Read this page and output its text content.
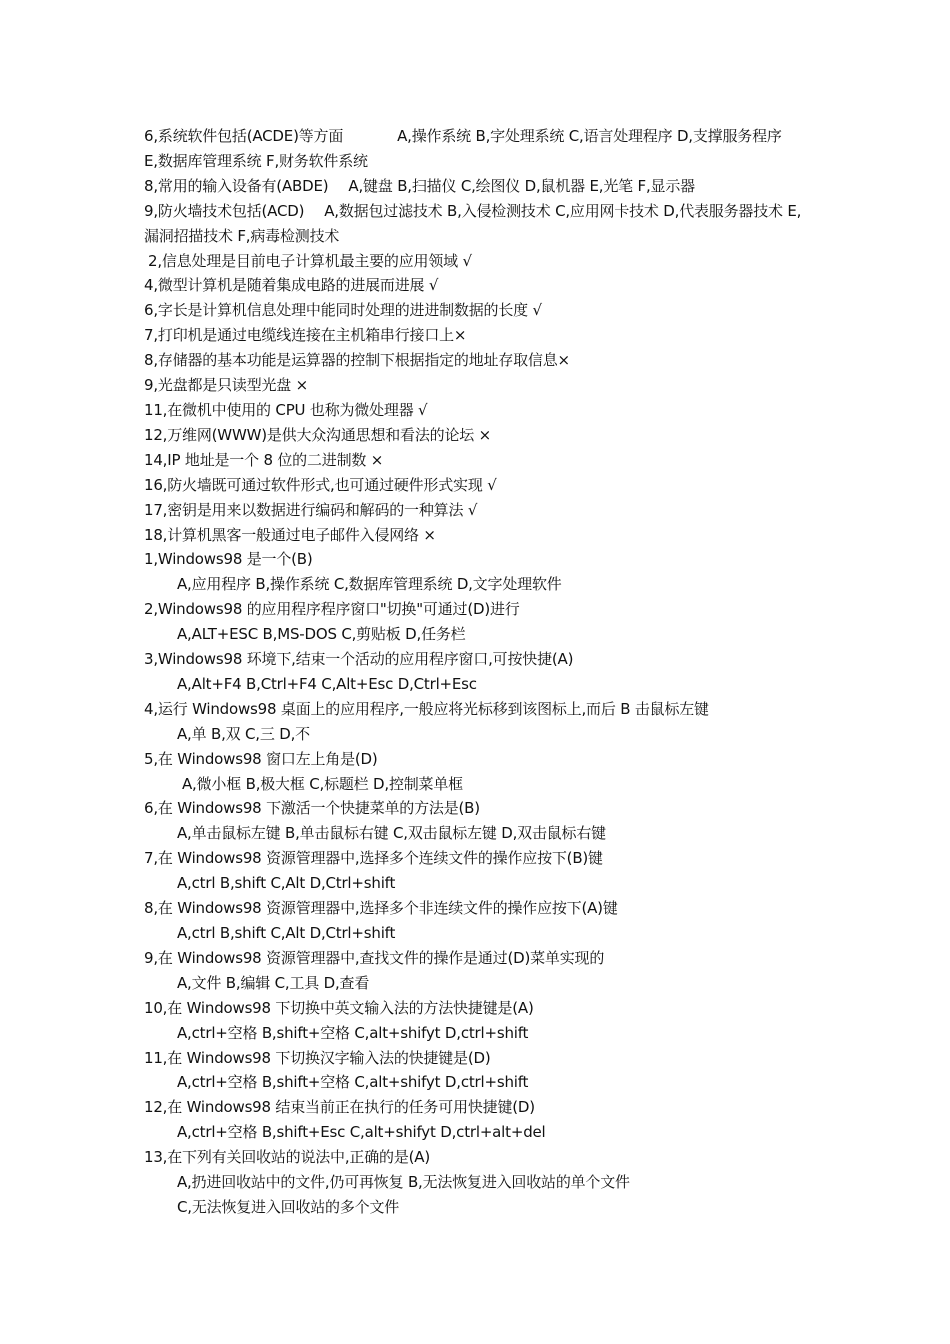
6,系统软件包括(ACDE)等方面	A,操作系统 B,字处理系统 C,语言处理程序 D,支撑服务程序E,数据库管理系统 F,财务软件系统
8,常用的输入设备有(ABDE) A,键盘 B,扫描仪 C,绘图仪 D,鼠机器 E,光笔 F,显示器
9,防火墙技术包括(ACD) A,数据包过滤技术 B,入侵检测技术 C,应用网卡技术 D,代表服务器技术 E,漏洞招描技术 F,病毒检测技术
2,信息处理是目前电子计算机最主要的应用领域 √
4,微型计算机是随着集成电路的进展而进展 √
6,字长是计算机信息处理中能同时处理的进进制数据的长度 √
7,打印机是通过电缆线连接在主机箱串行接口上×
8,存储器的基本功能是运算器的控制下根据指定的地址存取信息×
9,光盘都是只读型光盘 ×
11,在微机中使用的 CPU 也称为微处理器 √
12,万维网(WWW)是供大众沟通思想和看法的论坛 ×
14,IP 地址是一个 8 位的二进制数 ×
16,防火墙既可通过软件形式,也可通过硬件形式实现 √
17,密钥是用来以数据进行编码和解码的一种算法 √
18,计算机黑客一般通过电子邮件入侵网络 ×
1,Windows98 是一个(B)
A,应用程序 B,操作系统 C,数据库管理系统 D,文字处理软件
2,Windows98 的应用程序程序窗口"切换"可通过(D)进行
A,ALT+ESC B,MS-DOS C,剪贴板 D,任务栏
3,Windows98 环境下,结束一个活动的应用程序窗口,可按快捷(A)
A,Alt+F4 B,Ctrl+F4 C,Alt+Esc D,Ctrl+Esc
4,运行 Windows98 桌面上的应用程序,一般应将光标移到该图标上,而后 B 击鼠标左键
A,单 B,双 C,三 D,不
5,在 Windows98 窗口左上角是(D)
A,微小框 B,极大框 C,标题栏 D,控制菜单框
6,在 Windows98 下激活一个快捷菜单的方法是(B)
A,单击鼠标左键 B,单击鼠标右键 C,双击鼠标左键 D,双击鼠标右键
7,在 Windows98 资源管理器中,选择多个连续文件的操作应按下(B)键
A,ctrl B,shift C,Alt D,Ctrl+shift
8,在 Windows98 资源管理器中,选择多个非连续文件的操作应按下(A)键
A,ctrl B,shift C,Alt D,Ctrl+shift
9,在 Windows98 资源管理器中,查找文件的操作是通过(D)菜单实现的
A,文件 B,编辑 C,工具 D,查看
10,在 Windows98 下切换中英文输入法的方法快捷键是(A)
A,ctrl+空格 B,shift+空格 C,alt+shifyt D,ctrl+shift
11,在 Windows98 下切换汉字输入法的快捷键是(D)
A,ctrl+空格 B,shift+空格 C,alt+shifyt D,ctrl+shift
12,在 Windows98 结束当前正在执行的任务可用快捷键(D)
A,ctrl+空格 B,shift+Esc C,alt+shifyt D,ctrl+alt+del
13,在下列有关回收站的说法中,正确的是(A)
A,扔进回收站中的文件,仍可再恢复 B,无法恢复进入回收站的单个文件
C,无法恢复进入回收站的多个文件
